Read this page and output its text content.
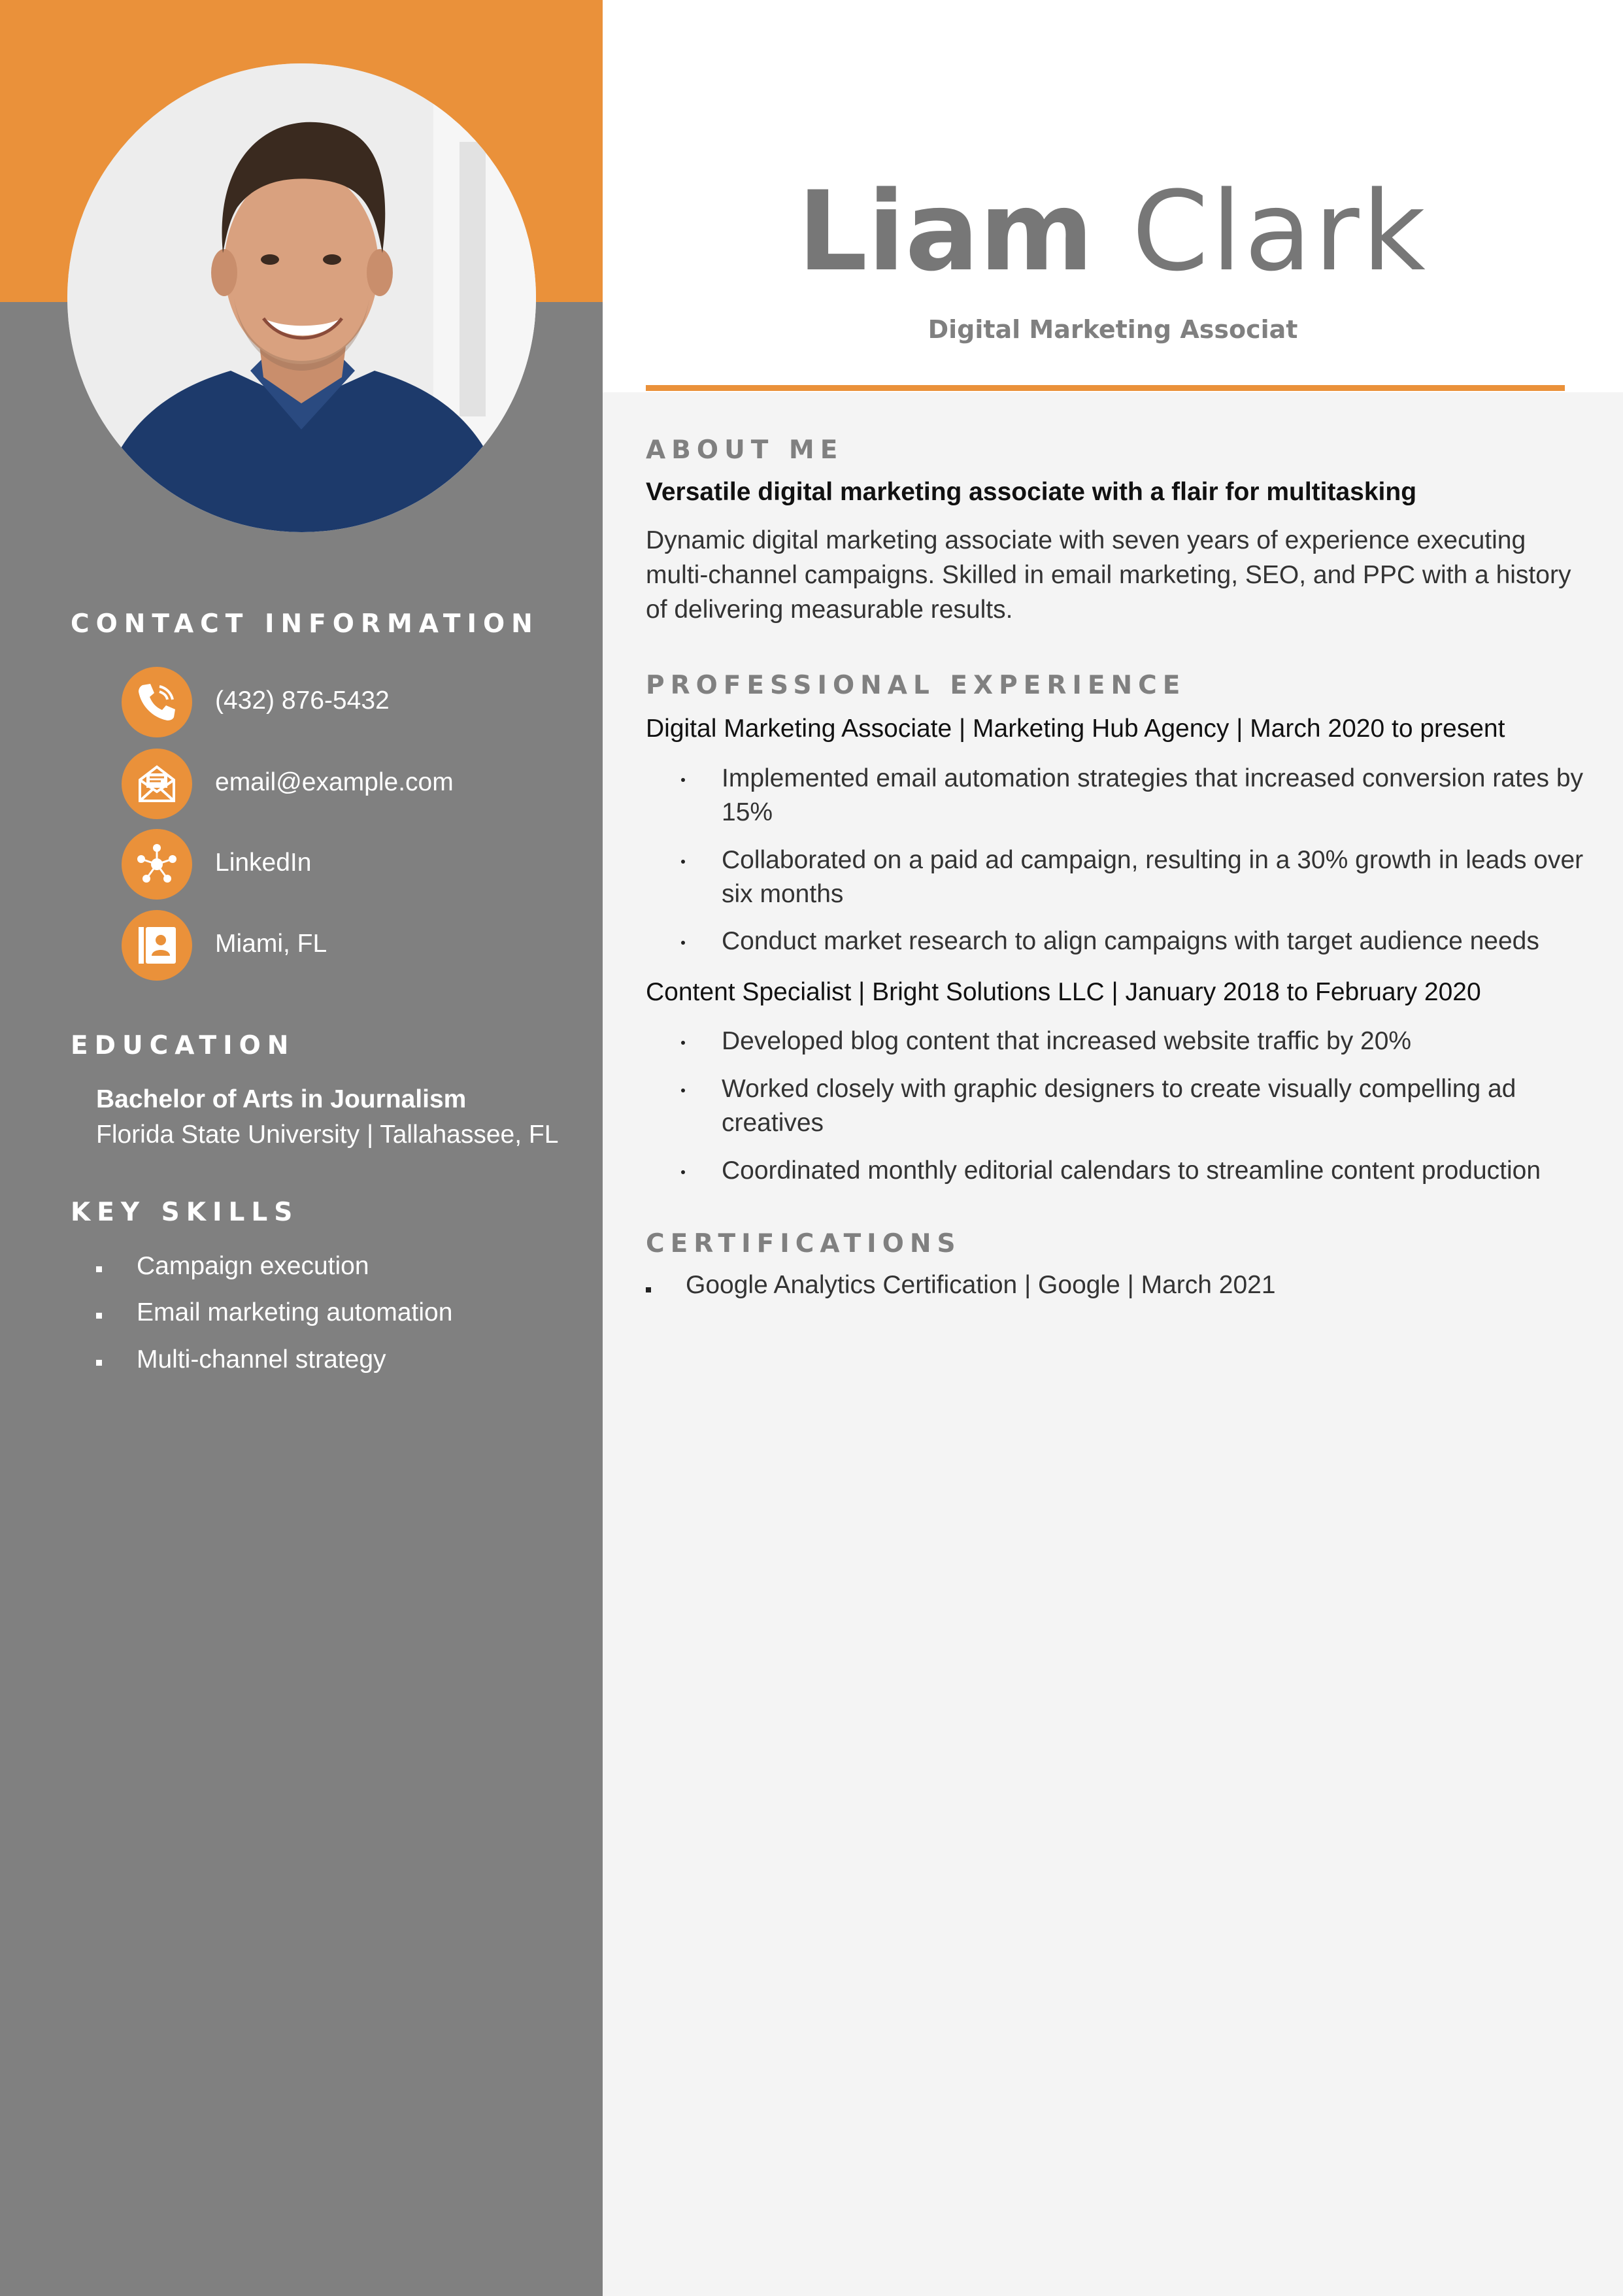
CONTACT INFORMATION
(432) 876-5432
email@example.com
LinkedIn
Miami, FL
EDUCATION
Bachelor of Arts in Journalism
Florida State University | Tallahassee, FL
KEY SKILLS
Campaign execution
Email marketing automation
Multi-channel strategy
Liam Clark
Digital Marketing Associat
ABOUT ME
Versatile digital marketing associate with a flair for multitasking

Dynamic digital marketing associate with seven years of experience executing multi-channel campaigns. Skilled in email marketing, SEO, and PPC with a history of delivering measurable results.

PROFESSIONAL EXPERIENCE
Digital Marketing Associate | Marketing Hub Agency | March 2020 to present
Implemented email automation strategies that increased conversion rates by 15%
Collaborated on a paid ad campaign, resulting in a 30% growth in leads over six months
Conduct market research to align campaigns with target audience needs
Content Specialist | Bright Solutions LLC | January 2018 to February 2020
Developed blog content that increased website traffic by 20%
Worked closely with graphic designers to create visually compelling ad creatives
Coordinated monthly editorial calendars to streamline content production
CERTIFICATIONS
Google Analytics Certification | Google | March 2021
